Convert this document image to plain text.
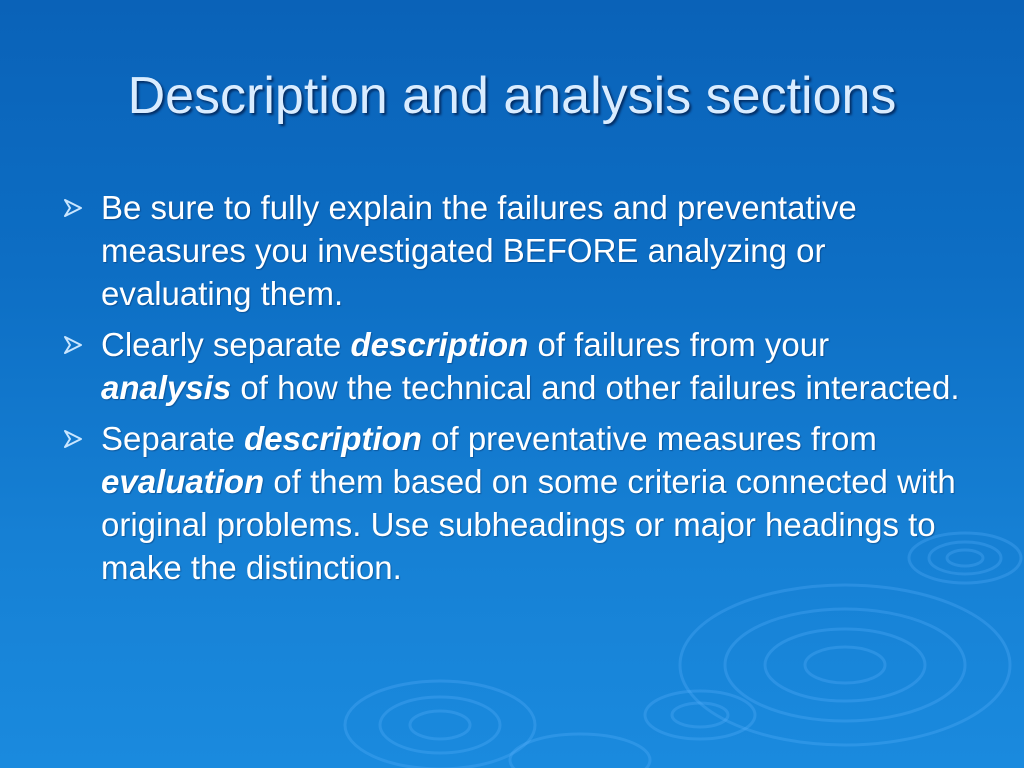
Description and analysis sections
Be sure to fully explain the failures and preventative measures you investigated BEFORE analyzing or evaluating them.
Clearly separate description of failures from your analysis of how the technical and other failures interacted.
Separate description of preventative measures from evaluation of them based on some criteria connected with original problems. Use subheadings or major headings to make the distinction.
